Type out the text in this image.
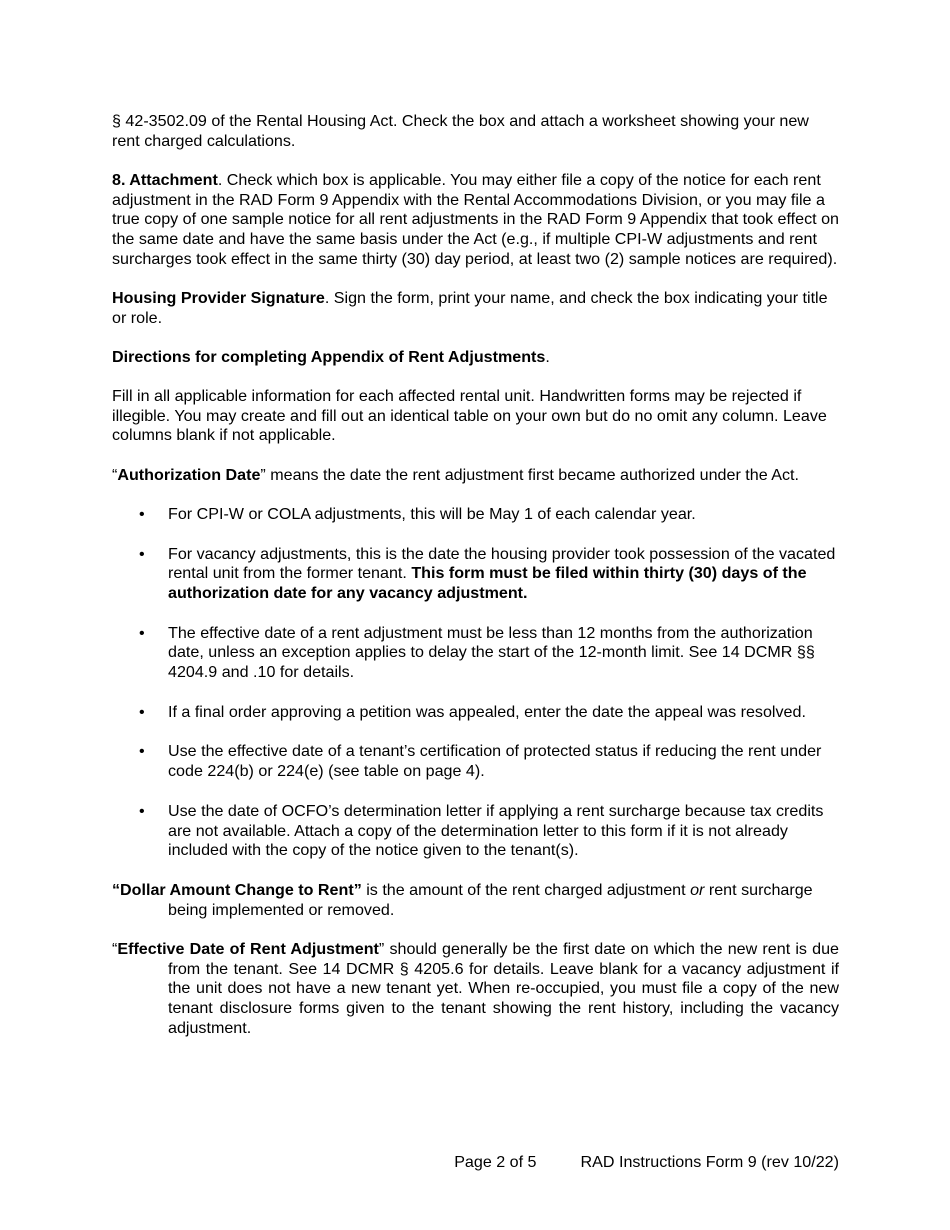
§ 42-3502.09 of the Rental Housing Act. Check the box and attach a worksheet showing your new rent charged calculations.

8. Attachment. Check which box is applicable. You may either file a copy of the notice for each rent adjustment in the RAD Form 9 Appendix with the Rental Accommodations Division, or you may file a true copy of one sample notice for all rent adjustments in the RAD Form 9 Appendix that took effect on the same date and have the same basis under the Act (e.g., if multiple CPI-W adjustments and rent surcharges took effect in the same thirty (30) day period, at least two (2) sample notices are required).

Housing Provider Signature. Sign the form, print your name, and check the box indicating your title or role.

Directions for completing Appendix of Rent Adjustments.

Fill in all applicable information for each affected rental unit. Handwritten forms may be rejected if illegible. You may create and fill out an identical table on your own but do no omit any column. Leave columns blank if not applicable.

“Authorization Date” means the date the rent adjustment first became authorized under the Act.

• For CPI-W or COLA adjustments, this will be May 1 of each calendar year.
• For vacancy adjustments, this is the date the housing provider took possession of the vacated rental unit from the former tenant. This form must be filed within thirty (30) days of the authorization date for any vacancy adjustment.
• The effective date of a rent adjustment must be less than 12 months from the authorization date, unless an exception applies to delay the start of the 12-month limit. See 14 DCMR §§ 4204.9 and .10 for details.
• If a final order approving a petition was appealed, enter the date the appeal was resolved.
• Use the effective date of a tenant’s certification of protected status if reducing the rent under code 224(b) or 224(e) (see table on page 4).
• Use the date of OCFO’s determination letter if applying a rent surcharge because tax credits are not available. Attach a copy of the determination letter to this form if it is not already included with the copy of the notice given to the tenant(s).

“Dollar Amount Change to Rent” is the amount of the rent charged adjustment or rent surcharge being implemented or removed.

“Effective Date of Rent Adjustment” should generally be the first date on which the new rent is due from the tenant. See 14 DCMR § 4205.6 for details. Leave blank for a vacancy adjustment if the unit does not have a new tenant yet. When re-occupied, you must file a copy of the new tenant disclosure forms given to the tenant showing the rent history, including the vacancy adjustment.

Page 2 of 5	RAD Instructions Form 9 (rev 10/22)
